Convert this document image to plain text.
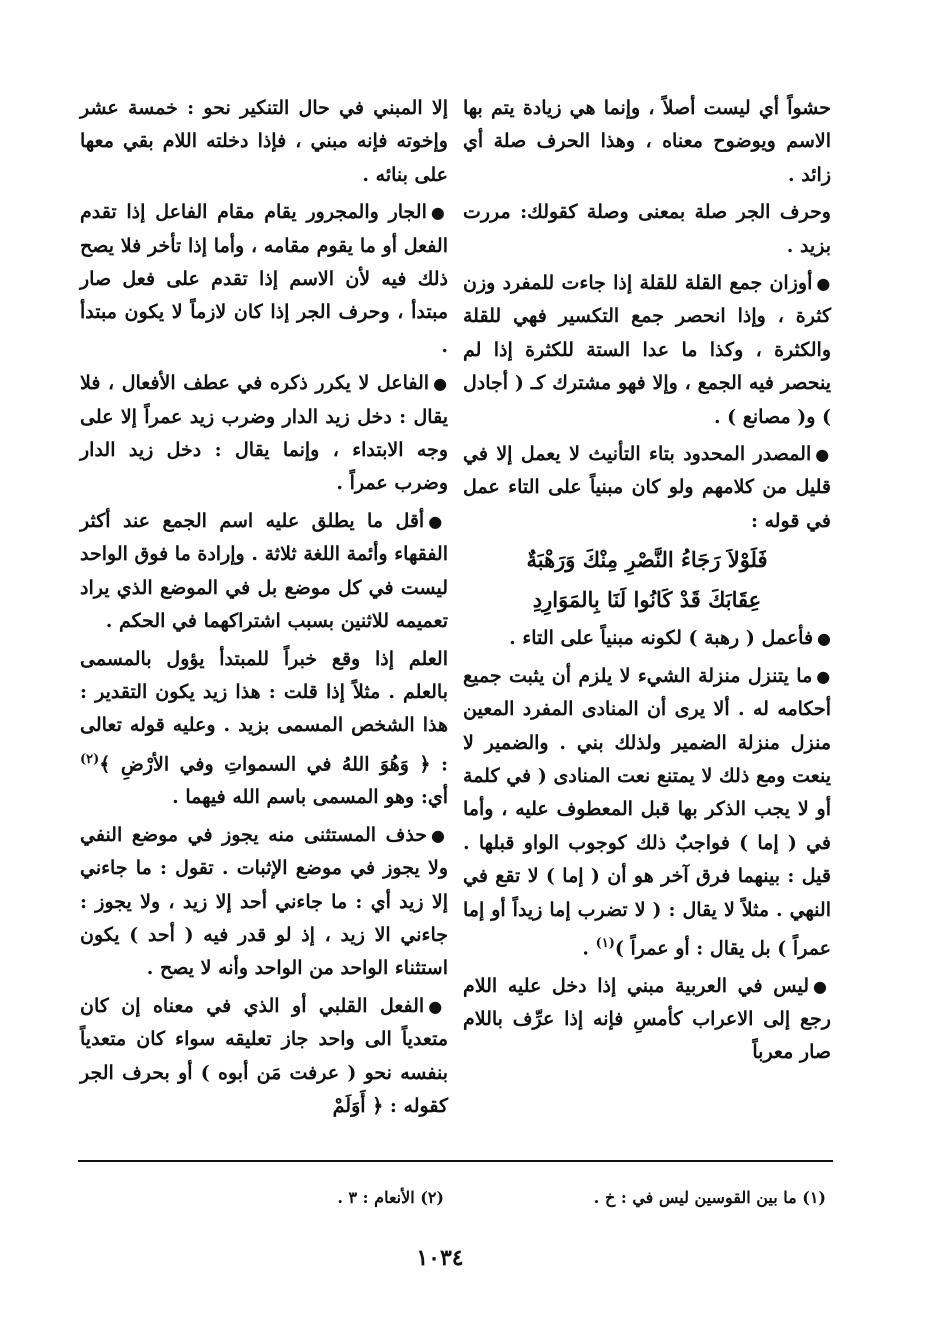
حشواً أي ليست أصلاً ، وإنما هي زيادة يتم بها الاسم ويوضوح معناه ، وهذا الحرف صلة أي زائد .

وحرف الجر صلة بمعنى وصلة كقولك: مررت بزيد .

●أوزان جمع القلة للقلة إذا جاءت للمفرد وزن كثرة ، وإذا انحصر جمع التكسير فهي للقلة والكثرة ، وكذا ما عدا الستة للكثرة إذا لم ينحصر فيه الجمع ، وإلا فهو مشترك كـ ( أجادل ) و( مصانع ) .

●المصدر المحدود بتاء التأنيث لا يعمل إلا في قليل من كلامهم ولو كان مبنياً على التاء عمل في قوله :

فَلَوْلاَ رَجَاءُ النَّصْرِ مِنْكَ وَرَهْبَةٌ

عِقَابَكَ قَدْ كَانُوا لَنَا بِالمَوَارِدِ

●فأعمل ( رهبة ) لكونه مبنياً على التاء .

●ما يتنزل منزلة الشيء لا يلزم أن يثبت جميع أحكامه له . ألا يرى أن المنادى المفرد المعين منزل منزلة الضمير ولذلك بني . والضمير لا ينعت ومع ذلك لا يمتنع نعت المنادى ( في كلمة أو لا يجب الذكر بها قبل المعطوف عليه ، وأما في ( إما ) فواجبٌ ذلك كوجوب الواو قبلها . قيل : بينهما فرق آخر هو أن ( إما ) لا تقع في النهي . مثلاً لا يقال : ( لا تضرب إما زيداً أو إما عمراً ) بل يقال : أو عمراً )$^{(١)}$ .

●ليس في العربية مبني إذا دخل عليه اللام رجع إلى الاعراب كأمسِ فإنه إذا عرِّف باللام صار معرباً

إلا المبني في حال التنكير نحو : خمسة عشر وإخوته فإنه مبني ، فإذا دخلته اللام بقي معها على بنائه .

●الجار والمجرور يقام مقام الفاعل إذا تقدم الفعل أو ما يقوم مقامه ، وأما إذا تأخر فلا يصح ذلك فيه لأن الاسم إذا تقدم على فعل صار مبتدأ ، وحرف الجر إذا كان لازماً لا يكون مبتدأ .

●الفاعل لا يكرر ذكره في عطف الأفعال ، فلا يقال : دخل زيد الدار وضرب زيد عمراً إلا على وجه الابتداء ، وإنما يقال : دخل زيد الدار وضرب عمراً .

●أقل ما يطلق عليه اسم الجمع عند أكثر الفقهاء وأئمة اللغة ثلاثة . وإرادة ما فوق الواحد ليست في كل موضع بل في الموضع الذي يراد تعميمه للاثنين بسبب اشتراكهما في الحكم .

العلم إذا وقع خبراً للمبتدأ يؤول بالمسمى بالعلم . مثلاً إذا قلت : هذا زيد يكون التقدير : هذا الشخص المسمى بزيد . وعليه قوله تعالى : ﴿ وَهُوَ اللهُ في السمواتِ وفي الأرْضِ ﴾$^{(٢)}$ أي: وهو المسمى باسم الله فيهما .

●حذف المستثنى منه يجوز في موضع النفي ولا يجوز في موضع الإثبات . تقول : ما جاءني إلا زيد أي : ما جاءني أحد إلا زيد ، ولا يجوز : جاءني الا زيد ، إذ لو قدر فيه ( أحد ) يكون استثناء الواحد من الواحد وأنه لا يصح .

●الفعل القلبي أو الذي في معناه إن كان متعدياً الى واحد جاز تعليقه سواء كان متعدياً بنفسه نحو ( عرفت مَن أبوه ) أو بحرف الجر كقوله : ﴿ أَوَلَمْ

(١) ما بين القوسين ليس في : خ .
(٢) الأنعام : ٣ .
١٠٣٤
